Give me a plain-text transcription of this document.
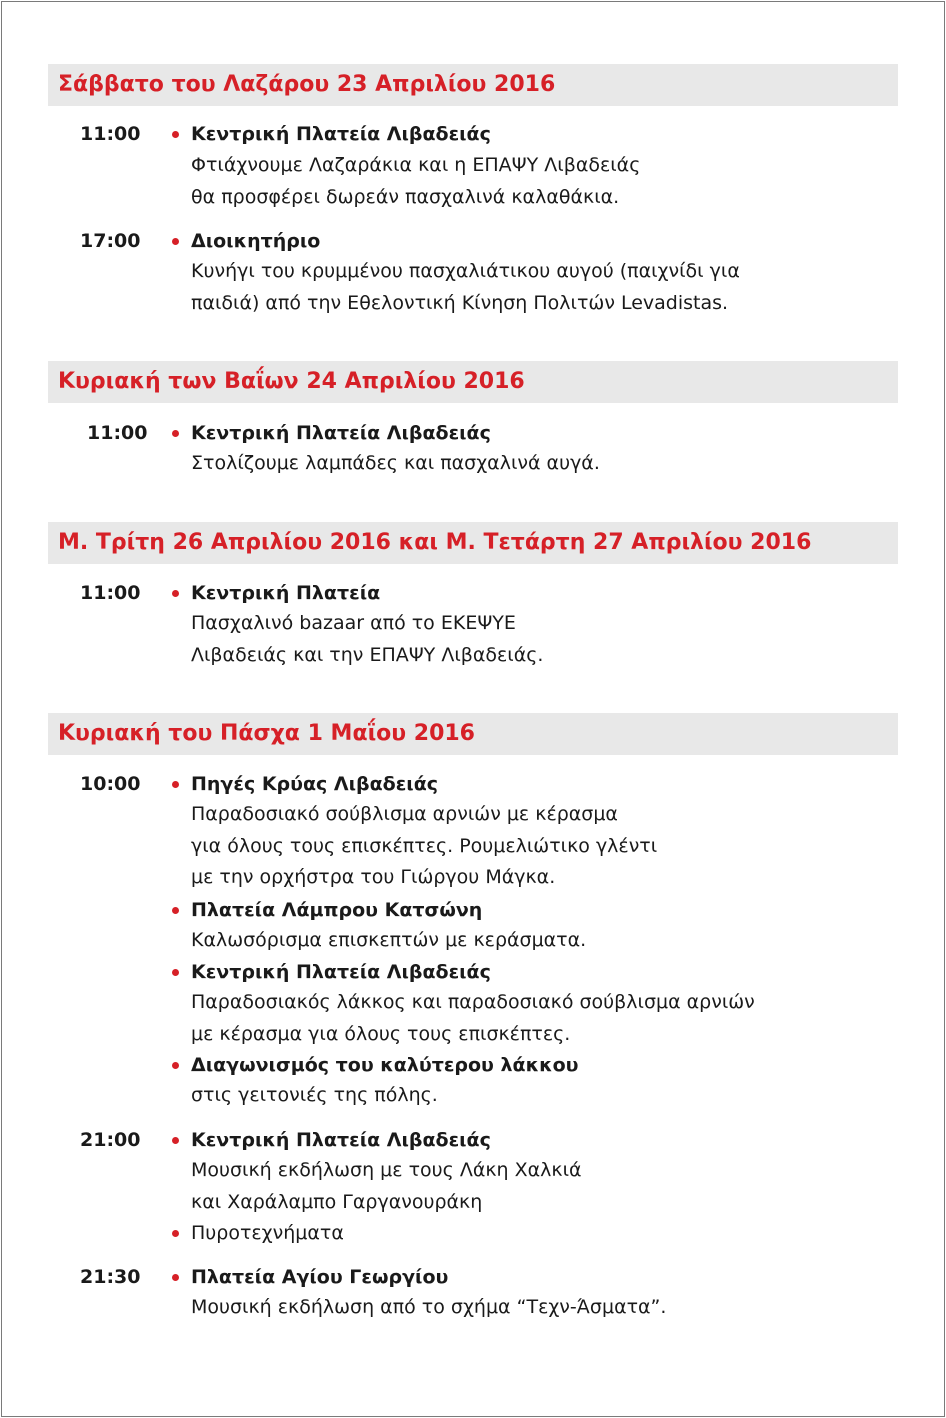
Σάββατο του Λαζάρου 23 Απριλίου 2016
11:00	Κεντρική Πλατεία Λιβαδειάς
Φτιάχνουμε Λαζαράκια και η ΕΠΑΨΥ Λιβαδειάς
θα προσφέρει δωρεάν πασχαλινά καλαθάκια.
17:00	Διοικητήριο
Κυνήγι του κρυμμένου πασχαλιάτικου αυγού (παιχνίδι για
παιδιά) από την Εθελοντική Κίνηση Πολιτών Levadistas.
Κυριακή των Βαΐων 24 Απριλίου 2016
11:00 Κεντρική Πλατεία Λιβαδειάς
Στολίζουμε λαμπάδες και πασχαλινά αυγά.
Μ. Τρίτη 26 Απριλίου 2016 και Μ. Τετάρτη 27 Απριλίου 2016
11:00	Κεντρική Πλατεία
Πασχαλινό bazaar από το ΕΚΕΨΥΕ
Λιβαδειάς και την ΕΠΑΨΥ Λιβαδειάς.
Κυριακή του Πάσχα 1 Μαΐου 2016
10:00	Πηγές Κρύας Λιβαδειάς
Παραδοσιακό σούβλισμα αρνιών με κέρασμα
για όλους τους επισκέπτες. Ρουμελιώτικο γλέντι
με την ορχήστρα του Γιώργου Μάγκα.
Πλατεία Λάμπρου Κατσώνη
Καλωσόρισμα επισκεπτών με κεράσματα.
Κεντρική Πλατεία Λιβαδειάς
Παραδοσιακός λάκκος και παραδοσιακό σούβλισμα αρνιών
με κέρασμα για όλους τους επισκέπτες.
Διαγωνισμός του καλύτερου λάκκου
στις γειτονιές της πόλης.
21:00	Κεντρική Πλατεία Λιβαδειάς
Μουσική εκδήλωση με τους Λάκη Χαλκιά
και Χαράλαμπο Γαργανουράκη
Πυροτεχνήματα
21:30	Πλατεία Αγίου Γεωργίου
Μουσική εκδήλωση από το σχήμα “Τεχν-Άσματα”.
